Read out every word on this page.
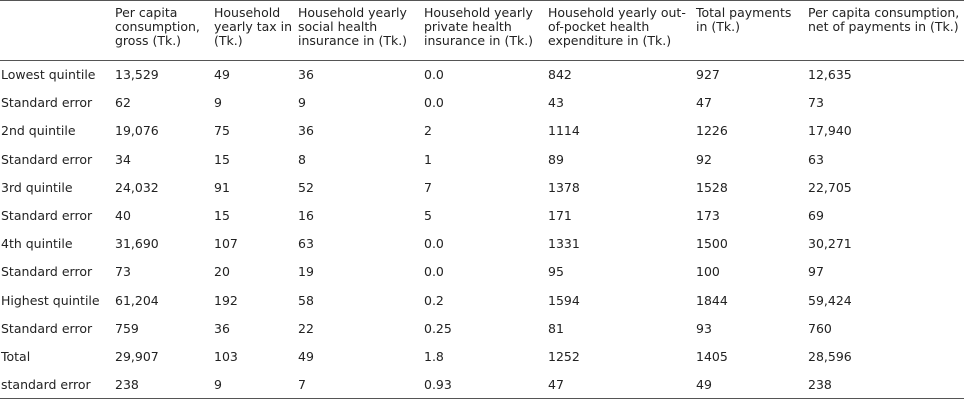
	Per capita consumption, gross (Tk.)	Household yearly tax in (Tk.)	Household yearly social health insurance in (Tk.)	Household yearly private health insurance in (Tk.)	Household yearly out-of-pocket health expenditure in (Tk.)	Total payments in (Tk.)	Per capita consumption, net of payments in (Tk.)
Lowest quintile	13,529	49	36	0.0	842	927	12,635
Standard error	62	9	9	0.0	43	47	73
2nd quintile	19,076	75	36	2	1114	1226	17,940
Standard error	34	15	8	1	89	92	63
3rd quintile	24,032	91	52	7	1378	1528	22,705
Standard error	40	15	16	5	171	173	69
4th quintile	31,690	107	63	0.0	1331	1500	30,271
Standard error	73	20	19	0.0	95	100	97
Highest quintile	61,204	192	58	0.2	1594	1844	59,424
Standard error	759	36	22	0.25	81	93	760
Total	29,907	103	49	1.8	1252	1405	28,596
standard error	238	9	7	0.93	47	49	238
